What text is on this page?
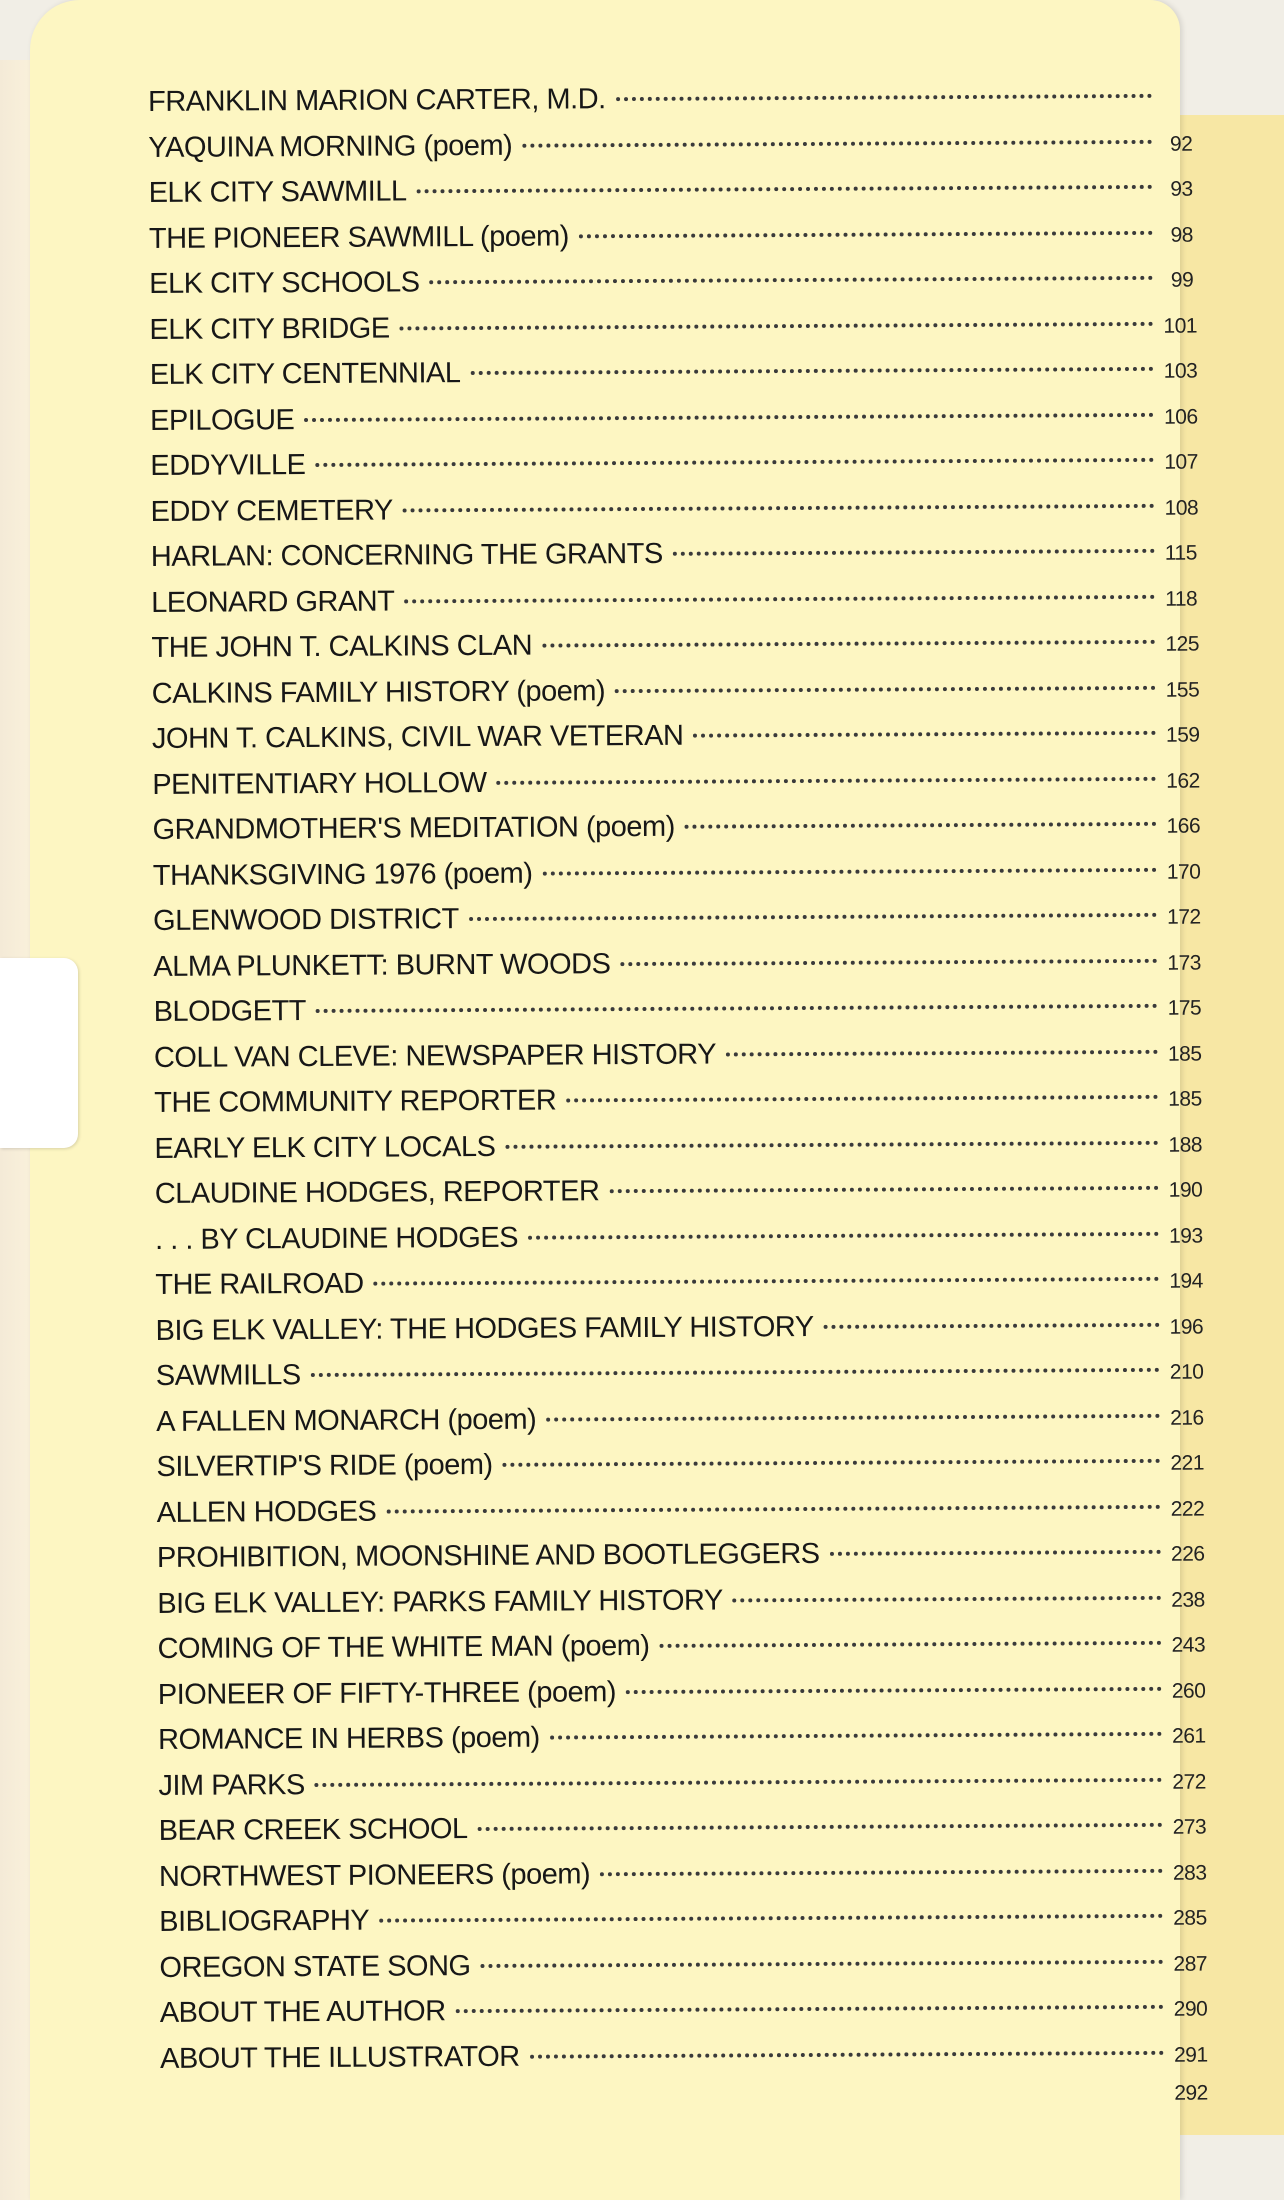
FRANKLIN MARION CARTER, M.D.
YAQUINA MORNING (poem)	92
ELK CITY SAWMILL	93
THE PIONEER SAWMILL (poem)	98
ELK CITY SCHOOLS	99
ELK CITY BRIDGE	101
ELK CITY CENTENNIAL	103
EPILOGUE	106
EDDYVILLE	107
EDDY CEMETERY	108
HARLAN: CONCERNING THE GRANTS	115
LEONARD GRANT	118
THE JOHN T. CALKINS CLAN	125
CALKINS FAMILY HISTORY (poem)	155
JOHN T. CALKINS, CIVIL WAR VETERAN	159
PENITENTIARY HOLLOW	162
GRANDMOTHER'S MEDITATION (poem)	166
THANKSGIVING 1976 (poem)	170
GLENWOOD DISTRICT	172
ALMA PLUNKETT: BURNT WOODS	173
BLODGETT	175
COLL VAN CLEVE: NEWSPAPER HISTORY	185
THE COMMUNITY REPORTER	185
EARLY ELK CITY LOCALS	188
CLAUDINE HODGES, REPORTER	190
. . . BY CLAUDINE HODGES	193
THE RAILROAD	194
BIG ELK VALLEY: THE HODGES FAMILY HISTORY	196
SAWMILLS	210
A FALLEN MONARCH (poem)	216
SILVERTIP'S RIDE (poem)	221
ALLEN HODGES	222
PROHIBITION, MOONSHINE AND BOOTLEGGERS	226
BIG ELK VALLEY: PARKS FAMILY HISTORY	238
COMING OF THE WHITE MAN (poem)	243
PIONEER OF FIFTY-THREE (poem)	260
ROMANCE IN HERBS (poem)	261
JIM PARKS	272
BEAR CREEK SCHOOL	273
NORTHWEST PIONEERS (poem)	283
BIBLIOGRAPHY	285
OREGON STATE SONG	287
ABOUT THE AUTHOR	290
ABOUT THE ILLUSTRATOR	291
292
